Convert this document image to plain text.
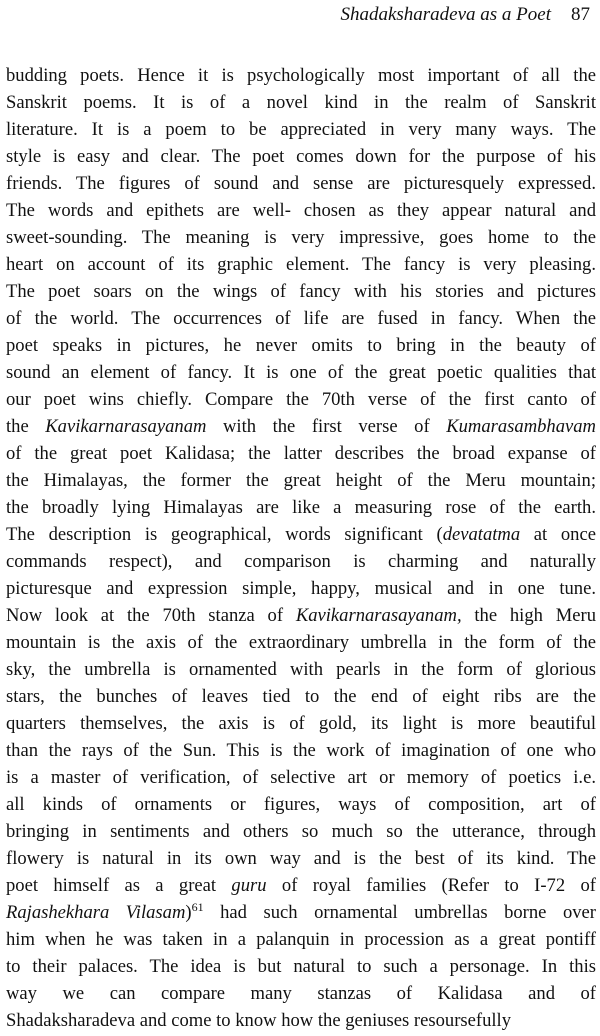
Shadaksharadeva as a Poet 87
budding poets. Hence it is psychologically most important of all the
Sanskrit poems. It is of a novel kind in the realm of Sanskrit
literature. It is a poem to be appreciated in very many ways. The
style is easy and clear. The poet comes down for the purpose of his
friends. The figures of sound and sense are picturesquely expressed.
The words and epithets are well- chosen as they appear natural and
sweet-sounding. The meaning is very impressive, goes home to the
heart on account of its graphic element. The fancy is very pleasing.
The poet soars on the wings of fancy with his stories and pictures
of the world. The occurrences of life are fused in fancy. When the
poet speaks in pictures, he never omits to bring in the beauty of
sound an element of fancy. It is one of the great poetic qualities that
our poet wins chiefly. Compare the 70th verse of the first canto of
the Kavikarnarasayanam with the first verse of Kumarasambhavam
of the great poet Kalidasa; the latter describes the broad expanse of
the Himalayas, the former the great height of the Meru mountain;
the broadly lying Himalayas are like a measuring rose of the earth.
The description is geographical, words significant (devatatma at once
commands respect), and comparison is charming and naturally
picturesque and expression simple, happy, musical and in one tune.
Now look at the 70th stanza of Kavikarnarasayanam, the high Meru
mountain is the axis of the extraordinary umbrella in the form of the
sky, the umbrella is ornamented with pearls in the form of glorious
stars, the bunches of leaves tied to the end of eight ribs are the
quarters themselves, the axis is of gold, its light is more beautiful
than the rays of the Sun. This is the work of imagination of one who
is a master of verification, of selective art or memory of poetics i.e.
all kinds of ornaments or figures, ways of composition, art of
bringing in sentiments and others so much so the utterance, through
flowery is natural in its own way and is the best of its kind. The
poet himself as a great guru of royal families (Refer to I-72 of
Rajashekhara Vilasam)$^{61}$ had such ornamental umbrellas borne over
him when he was taken in a palanquin in procession as a great pontiff
to their palaces. The idea is but natural to such a personage. In this
way we can compare many stanzas of Kalidasa and of
Shadaksharadeva and come to know how the geniuses resoursefully
